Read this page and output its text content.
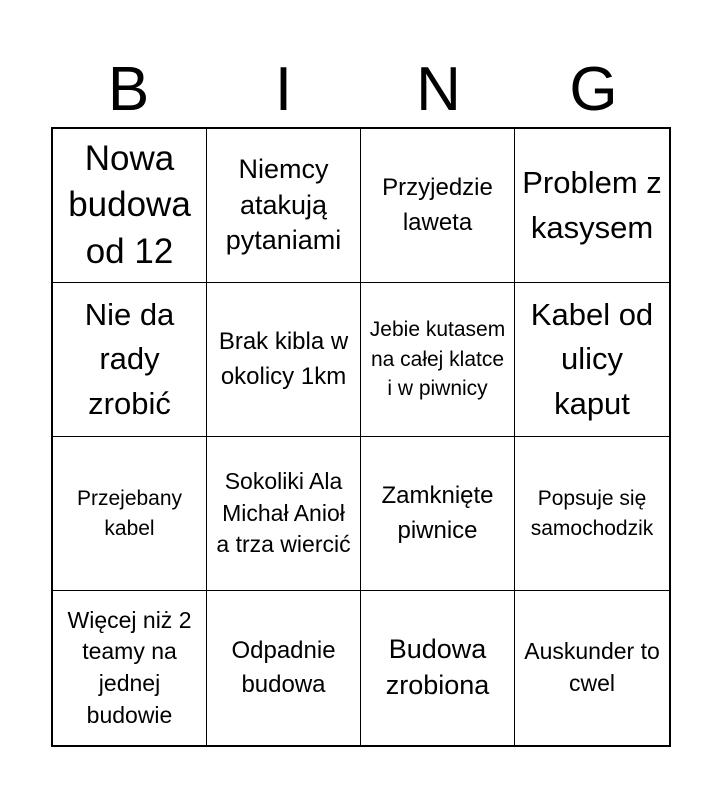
B	I	N	G
Nowa budowa od 12
Niemcy atakują pytaniami
Przyjedzie laweta
Problem z kasysem
Nie da rady zrobić
Brak kibla w okolicy 1km
Jebie kutasem na całej klatce i w piwnicy
Kabel od ulicy kaput
Przejebany kabel
Sokoliki Ala Michał Anioł a trza wiercić
Zamknięte piwnice
Popsuje się samochodzik
Więcej niż 2 teamy na jednej budowie
Odpadnie budowa
Budowa zrobiona
Auskunder to cwel
